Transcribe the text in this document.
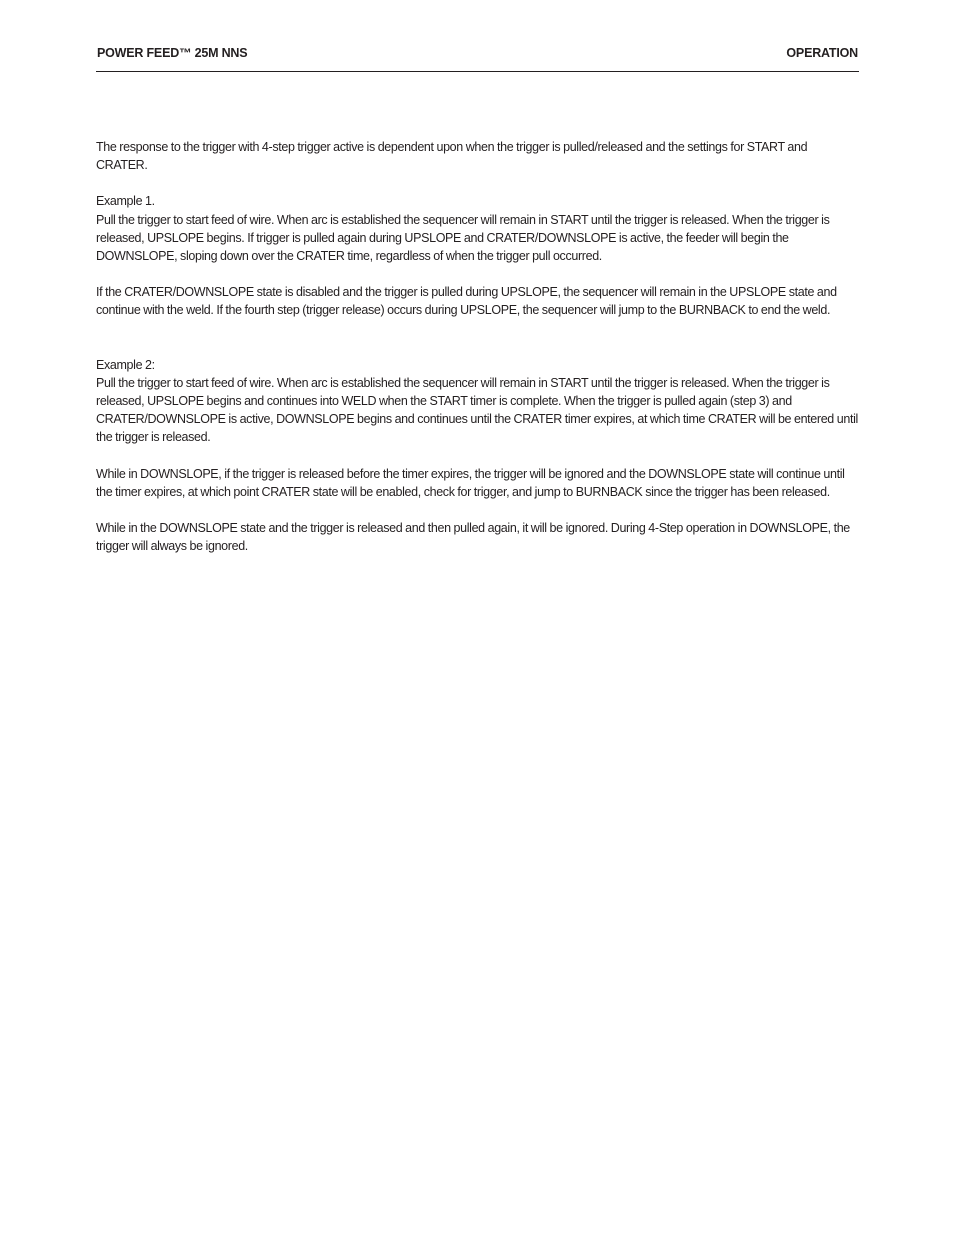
POWER FEED™ 25M NNS	OPERATION

The response to the trigger with 4-step trigger active is dependent upon when the trigger is pulled/released and the settings for START and CRATER.

Example 1.

Pull the trigger to start feed of wire. When arc is established the sequencer will remain in START until the trigger is released. When the trigger is released, UPSLOPE begins. If trigger is pulled again during UPSLOPE and CRATER/DOWNSLOPE is active, the feeder will begin the DOWNSLOPE, sloping down over the CRATER time, regardless of when the trigger pull occurred.

If the CRATER/DOWNSLOPE state is disabled and the trigger is pulled during UPSLOPE, the sequencer will remain in the UPSLOPE state and continue with the weld. If the fourth step (trigger release) occurs during UPSLOPE, the sequencer will jump to the BURNBACK to end the weld.

Example 2:

Pull the trigger to start feed of wire. When arc is established the sequencer will remain in START until the trigger is released. When the trigger is released, UPSLOPE begins and continues into WELD when the START timer is complete. When the trigger is pulled again (step 3) and CRATER/DOWNSLOPE is active, DOWNSLOPE begins and continues until the CRATER timer expires, at which time CRATER will be entered until the trigger is released.

While in DOWNSLOPE, if the trigger is released before the timer expires, the trigger will be ignored and the DOWNSLOPE state will continue until the timer expires, at which point CRATER state will be enabled, check for trigger, and jump to BURNBACK since the trigger has been released.

While in the DOWNSLOPE state and the trigger is released and then pulled again, it will be ignored. During 4-Step operation in DOWNSLOPE, the trigger will always be ignored.
